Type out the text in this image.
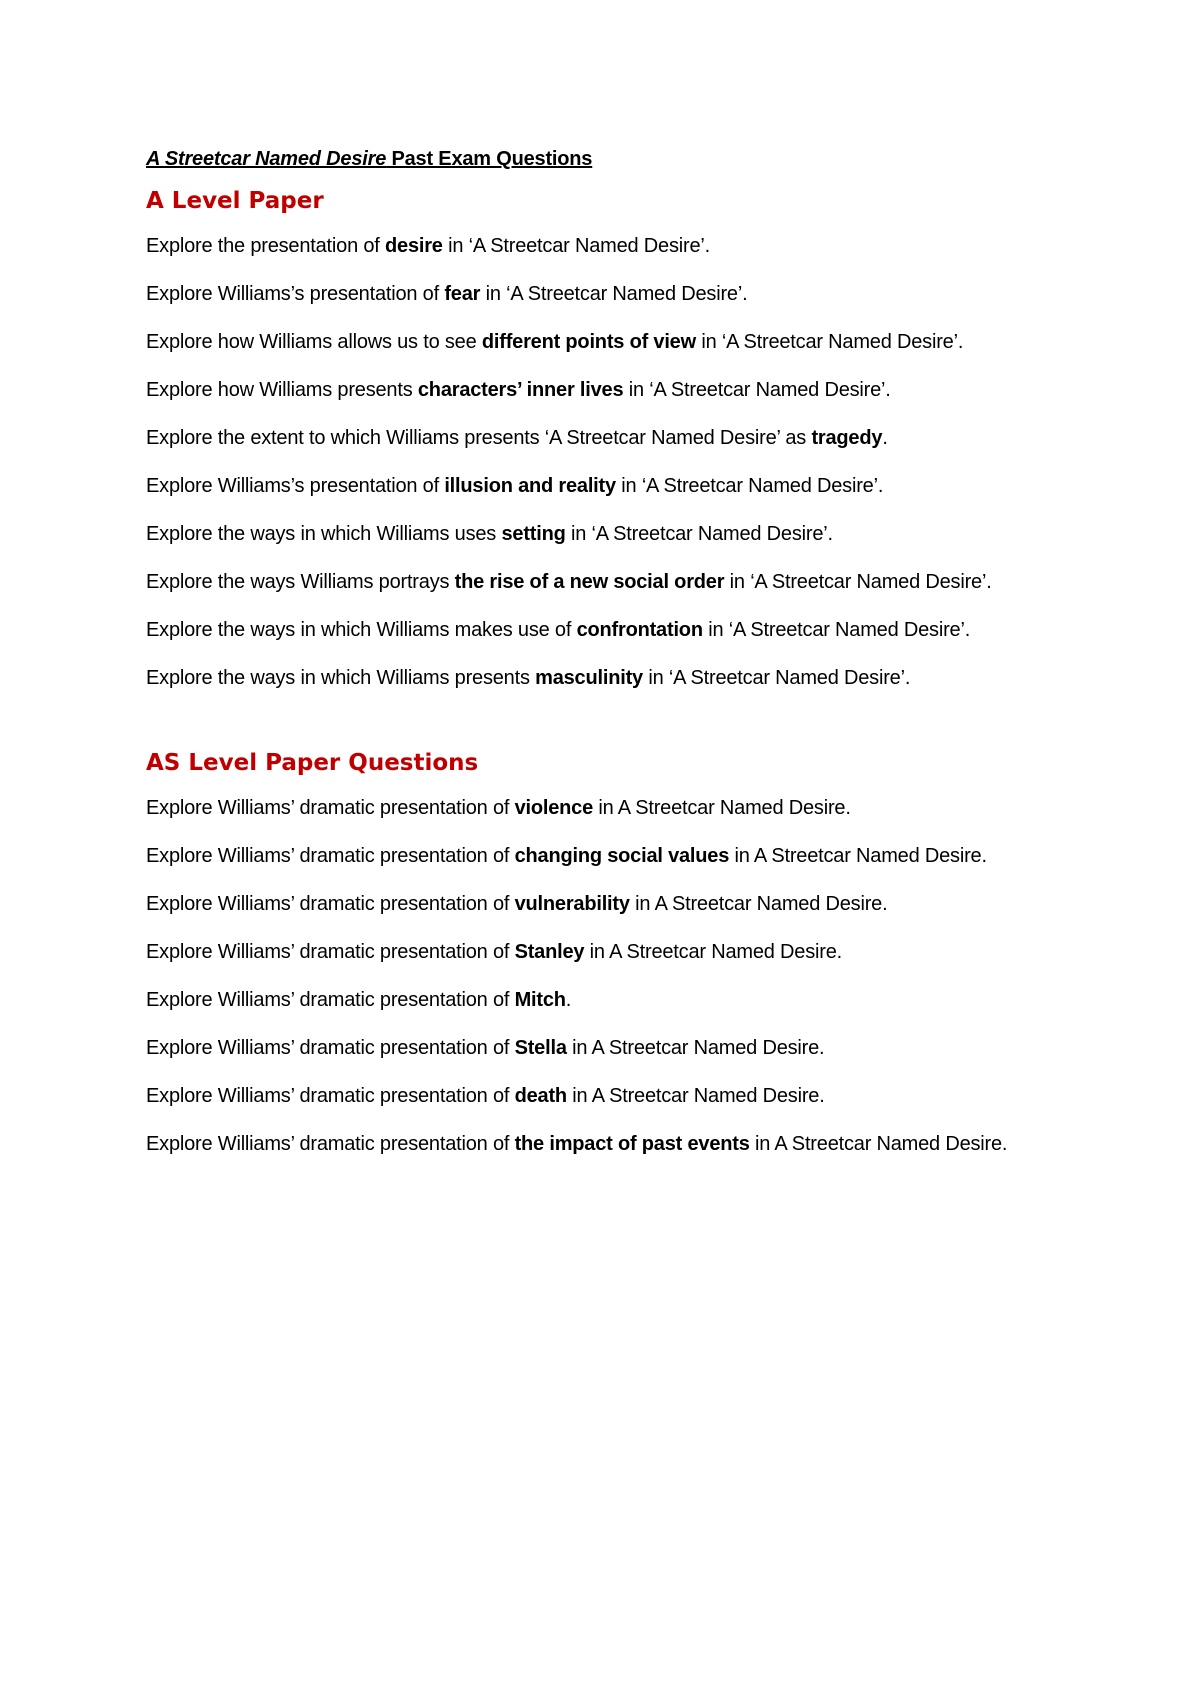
A Streetcar Named Desire Past Exam Questions
A Level Paper
Explore the presentation of desire in ‘A Streetcar Named Desire’.
Explore Williams’s presentation of fear in ‘A Streetcar Named Desire’.
Explore how Williams allows us to see different points of view in ‘A Streetcar Named Desire’.
Explore how Williams presents characters’ inner lives in ‘A Streetcar Named Desire’.
Explore the extent to which Williams presents ‘A Streetcar Named Desire’ as tragedy.
Explore Williams’s presentation of illusion and reality in ‘A Streetcar Named Desire’.
Explore the ways in which Williams uses setting in ‘A Streetcar Named Desire’.
Explore the ways Williams portrays the rise of a new social order in ‘A Streetcar Named Desire’.
Explore the ways in which Williams makes use of confrontation in ‘A Streetcar Named Desire’.
Explore the ways in which Williams presents masculinity in ‘A Streetcar Named Desire’.
AS Level Paper Questions
Explore Williams’ dramatic presentation of violence in A Streetcar Named Desire.
Explore Williams’ dramatic presentation of changing social values in A Streetcar Named Desire.
Explore Williams’ dramatic presentation of vulnerability in A Streetcar Named Desire.
Explore Williams’ dramatic presentation of Stanley in A Streetcar Named Desire.
Explore Williams’ dramatic presentation of Mitch.
Explore Williams’ dramatic presentation of Stella in A Streetcar Named Desire.
Explore Williams’ dramatic presentation of death in A Streetcar Named Desire.
Explore Williams’ dramatic presentation of the impact of past events in A Streetcar Named Desire.
